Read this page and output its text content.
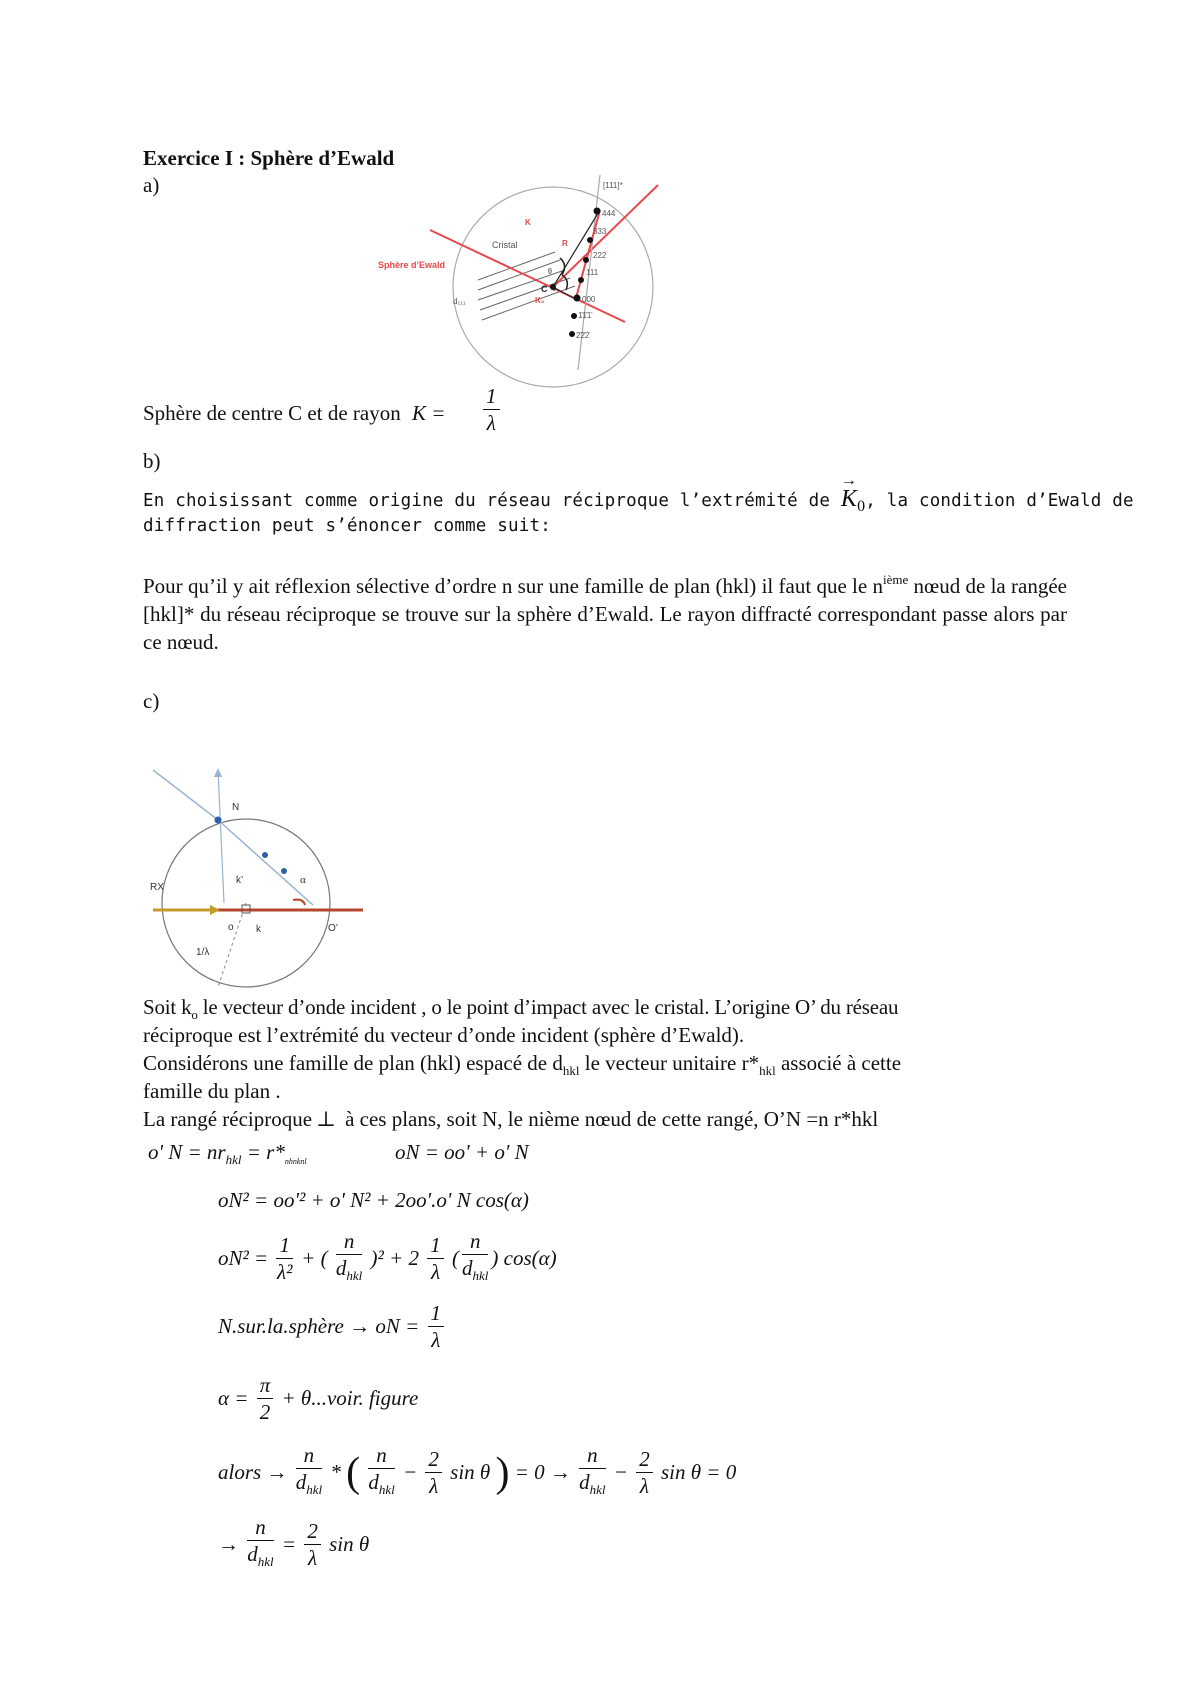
Exercice I : Sphère d’Ewald
a)	[111]*
444
333
222
111
000
1̄1̄1̄
2̄2̄2̄
Cristal
C
Sphère d’Ewald
K
K₀
R
θ
θ
d₁₁₁
Sphère de centre C et de rayon $K = \frac{1}{\lambda}$
b)
En choisissant comme origine du réseau réciproque l’extrémité de → K0, la condition d’Ewald de
diffraction peut s’énoncer comme suit:
Pour qu’il y ait réflexion sélective d’ordre n sur une famille de plan (hkl) il faut que le $n^{ième}$ nœud de la rangée [hkl]* du réseau réciproque se trouve sur la sphère d’Ewald. Le rayon diffracté correspondant passe alors par ce nœud.
c)
N
RX
α
k’
o k	O’
1/λ
Soit $k_o$ le vecteur d’onde incident , o le point d’impact avec le cristal. L’origine O’ du réseau
réciproque est l’extrémité du vecteur d’onde incident (sphère d’Ewald).
Considérons une famille de plan (hkl) espacé de $d_{hkl}$ le vecteur unitaire $r*_{hkl}$ associé à cette
famille du plan .
La rangé réciproque ⊥ à ces plans, soit N, le nième nœud de cette rangé, O’N =n r*hkl
o' $N = nr_{hkl} = r*_{nhnknl}$	oN = oo' + o' N
oN² = oo'² + o' N² + 2oo'.o' N cos(α)
$oN^2 = \frac{1}{\text{λ²}}$ + ( $\frac{n}{d_{hkl}} )^2 + 2 \frac{1}{\lambda}$ ( $\frac{n}{d_{hkl}}$ ) cos(α)
N.sur.la.sphère → oN = $\frac{1}{\lambda}$
$\alpha = \frac{\pi}{2}$ + θ...voir. figure
alors → $\frac{n}{d_{hkl}}$ * ( $\frac{n}{d_{hkl}} - \frac{2}{\lambda}$ sin θ ) = $0 \to \frac{n}{d_{hkl}} - \frac{2}{\lambda}$ sin θ = 0
→ $\frac{n}{d_{hkl}} = \frac{2}{\lambda}$ sin θ
